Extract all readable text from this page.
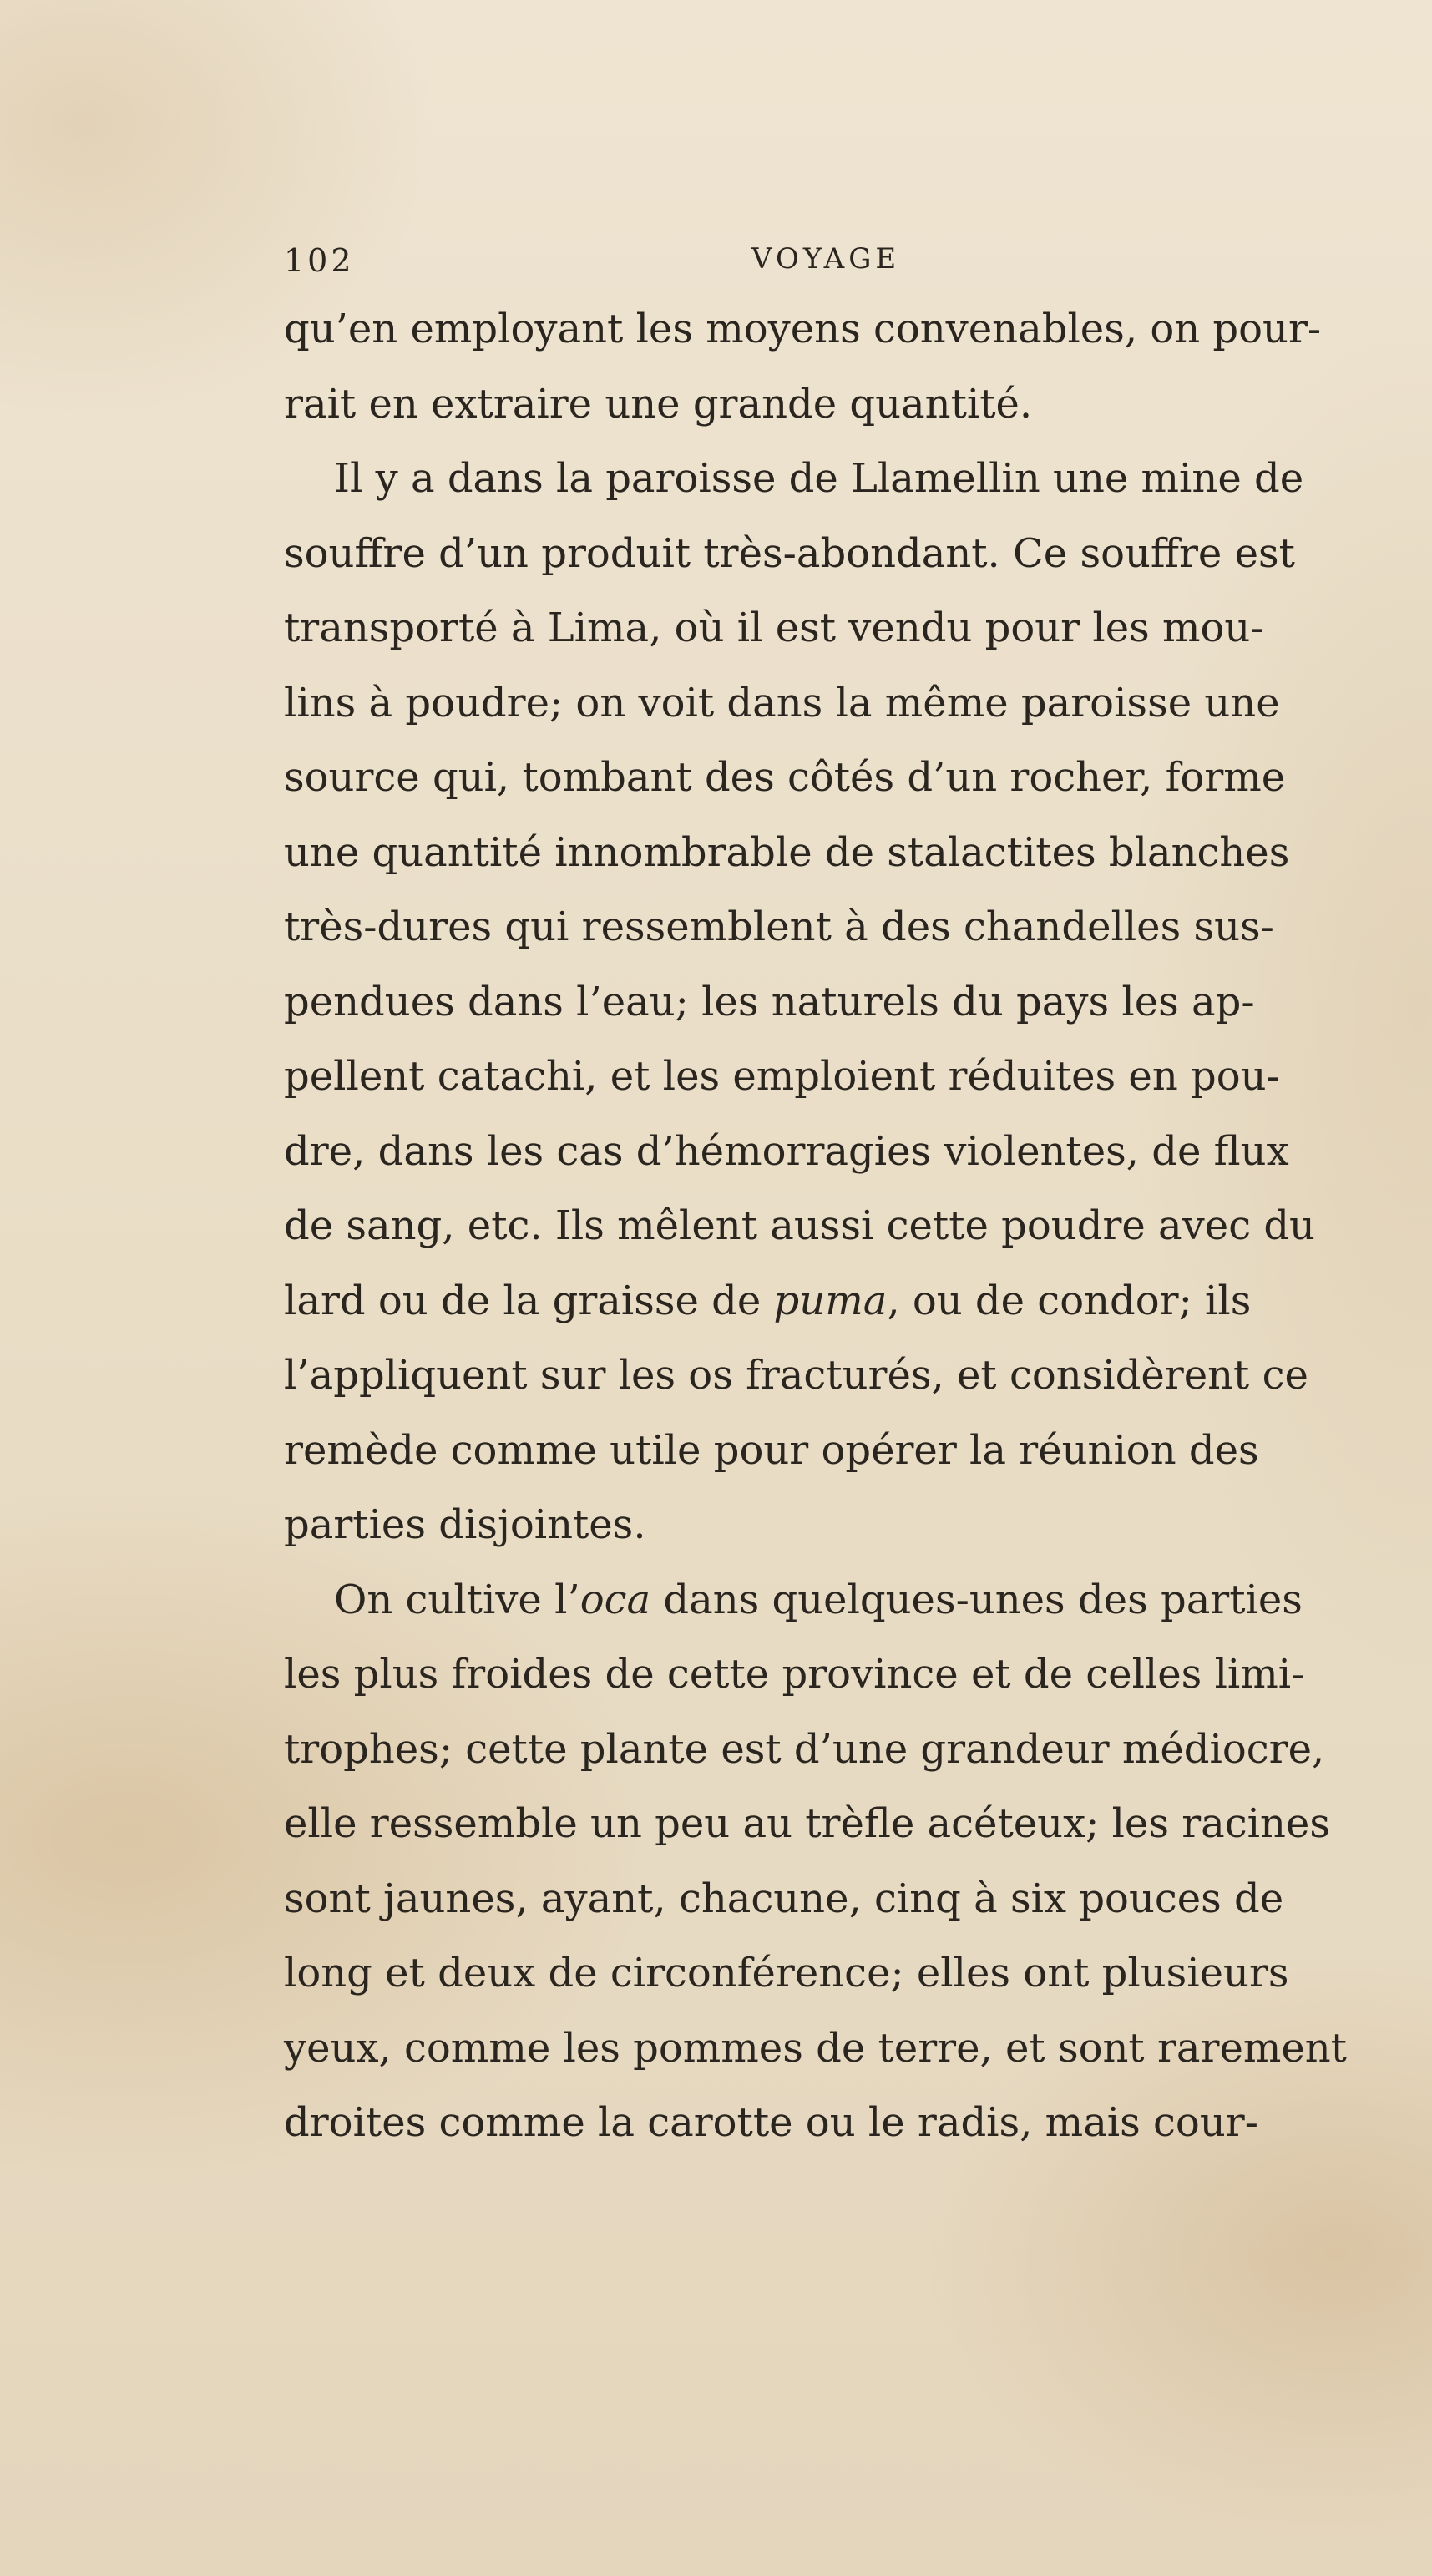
102	VOYAGE

qu’en employant les moyens convenables, on pour-
rait en extraire une grande quantité.

Il y a dans la paroisse de Llamellin une mine de
souffre d’un produit très-abondant. Ce souffre est
transporté à Lima, où il est vendu pour les mou-
lins à poudre; on voit dans la même paroisse une
source qui, tombant des côtés d’un rocher, forme
une quantité innombrable de stalactites blanches
très-dures qui ressemblent à des chandelles sus-
pendues dans l’eau; les naturels du pays les ap-
pellent catachi, et les emploient réduites en pou-
dre, dans les cas d’hémorragies violentes, de flux
de sang, etc. Ils mêlent aussi cette poudre avec du
lard ou de la graisse de puma, ou de condor; ils
l’appliquent sur les os fracturés, et considèrent ce
remède comme utile pour opérer la réunion des
parties disjointes.

On cultive l’oca dans quelques-unes des parties
les plus froides de cette province et de celles limi-
trophes; cette plante est d’une grandeur médiocre,
elle ressemble un peu au trèfle acéteux; les racines
sont jaunes, ayant, chacune, cinq à six pouces de
long et deux de circonférence; elles ont plusieurs
yeux, comme les pommes de terre, et sont rarement
droites comme la carotte ou le radis, mais cour-
